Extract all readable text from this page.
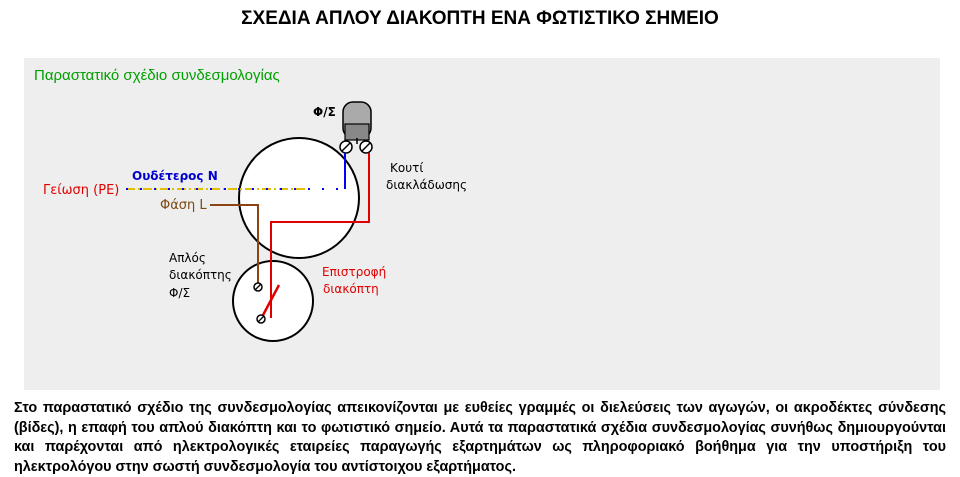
ΣΧΕΔΙΑ ΑΠΛΟΥ ΔΙΑΚΟΠΤΗ ΕΝΑ ΦΩΤΙΣΤΙΚΟ ΣΗΜΕΙΟ
Παραστατικό σχέδιο συνδεσμολογίας
Φ/Σ
Ουδέτερος N
Γείωση (PE)
Φάση L
Κουτί
διακλάδωσης
Απλός
διακόπτης
Φ/Σ
Επιστροφή
διακόπτη
Στο παραστατικό σχέδιο της συνδεσμολογίας απεικονίζονται με ευθείες γραμμές οι διελεύσεις των αγωγών, οι ακροδέκτες σύνδεσης (βίδες), η επαφή του απλού διακόπτη και το φωτιστικό σημείο. Αυτά τα παραστατικά σχέδια συνδεσμολογίας συνήθως δημιουργούνται και παρέχονται από ηλεκτρολογικές εταιρείες παραγωγής εξαρτημάτων ως πληροφοριακό βοήθημα για την υποστήριξη του ηλεκτρολόγου στην σωστή συνδεσμολογία του αντίστοιχου εξαρτήματος.
